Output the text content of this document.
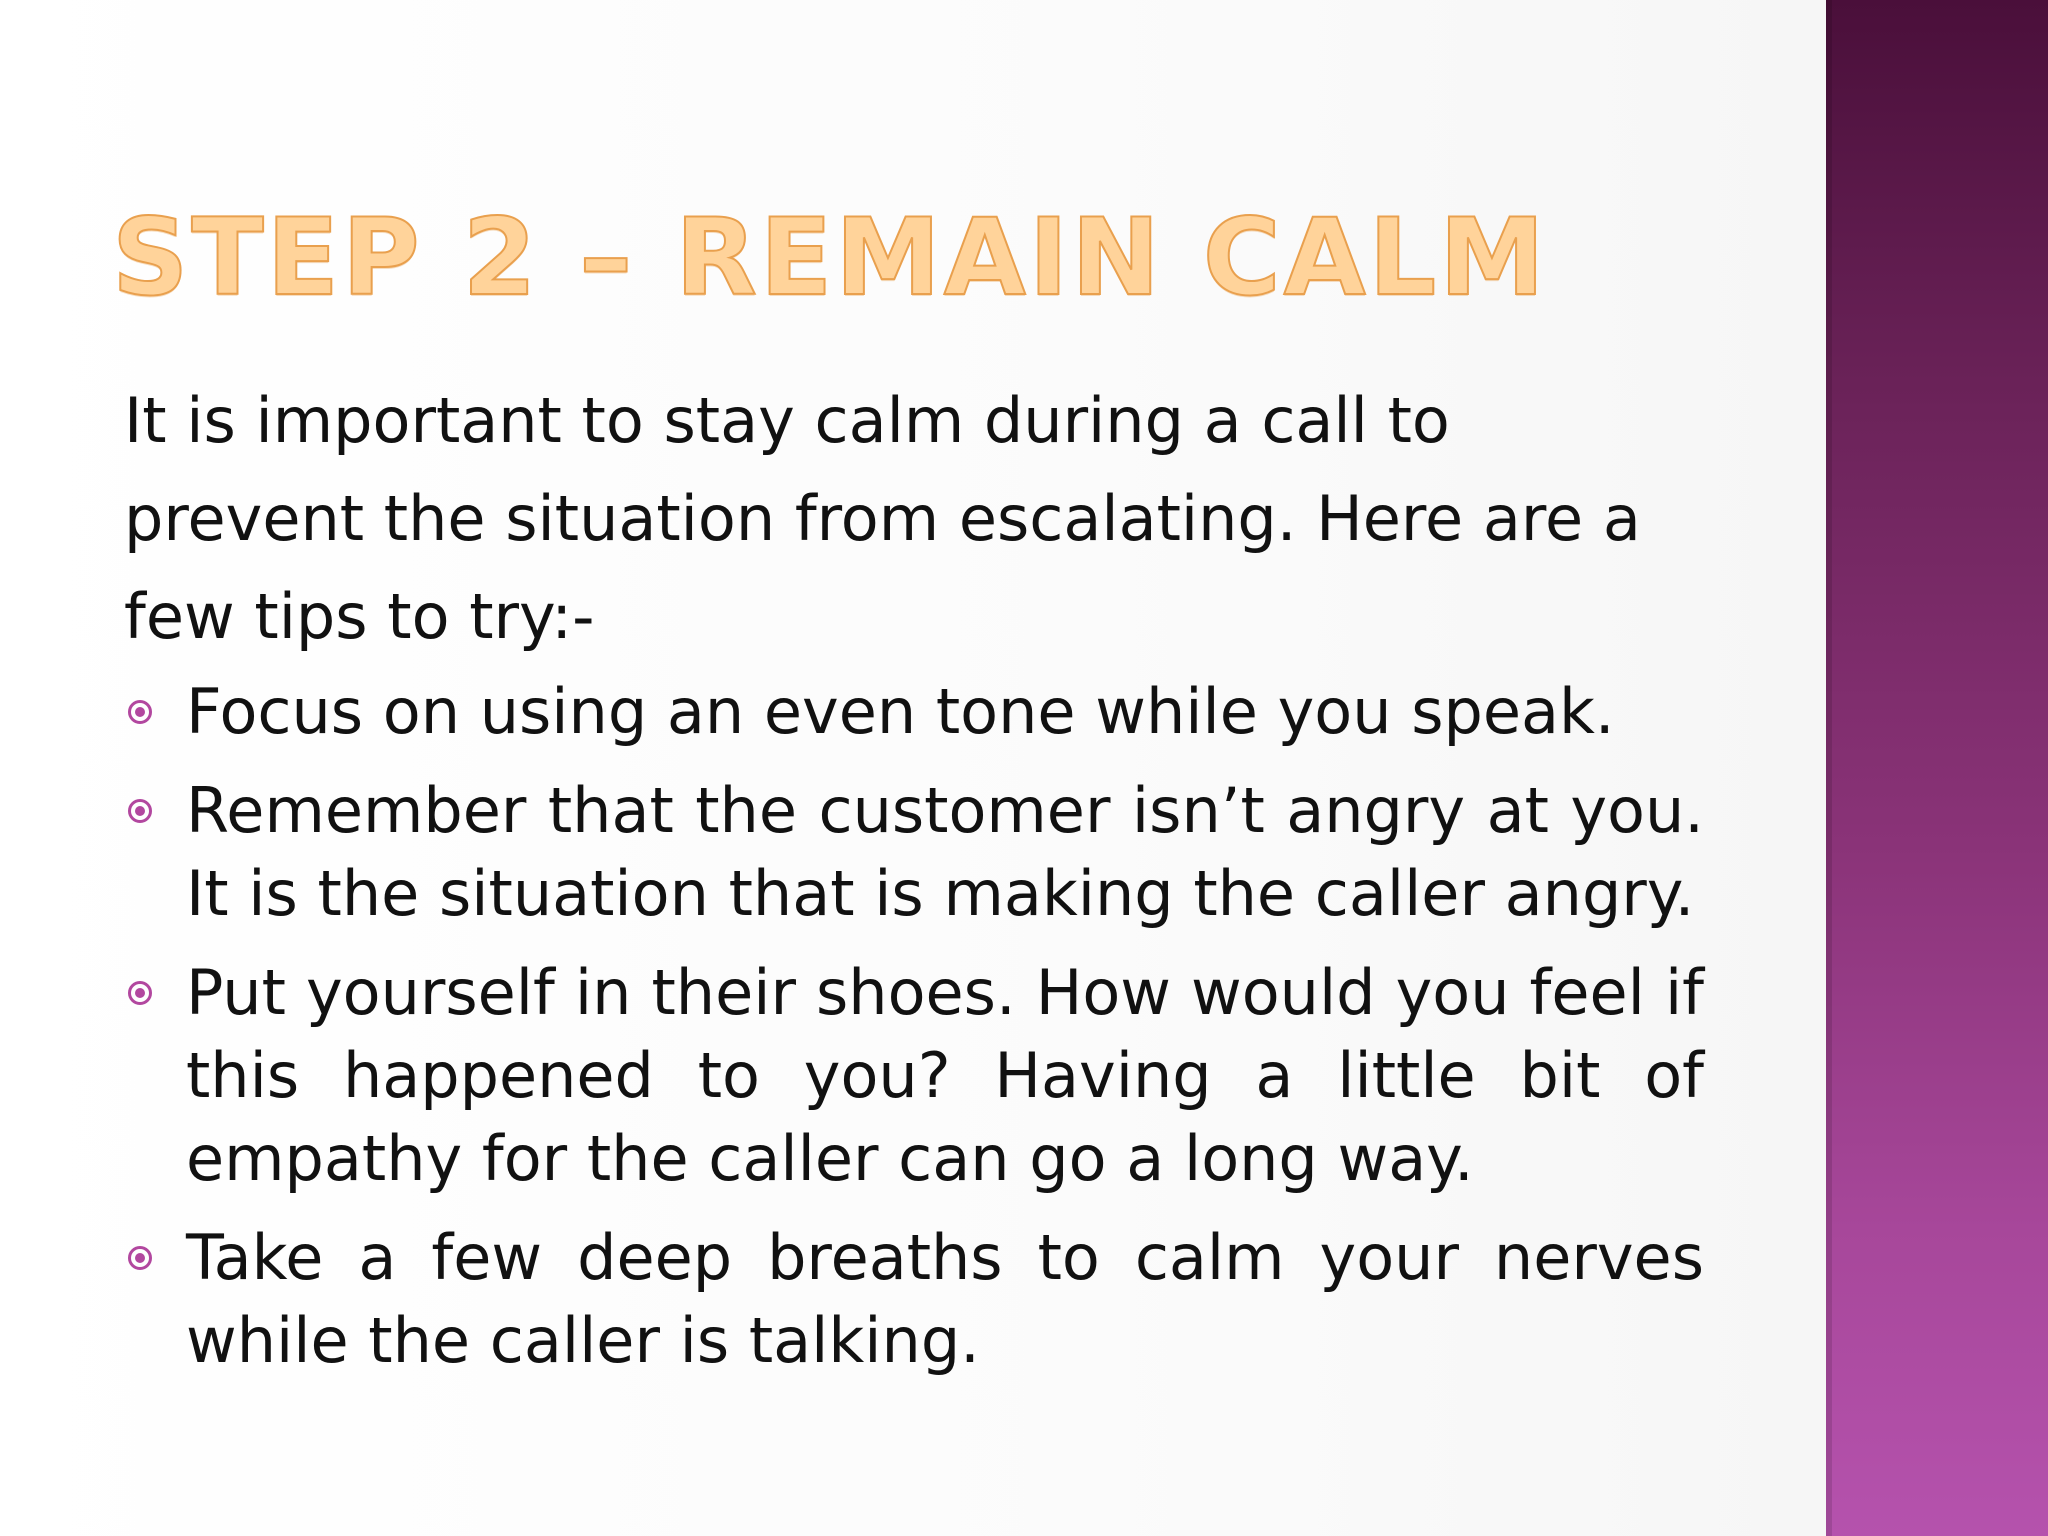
STEP 2 – REMAIN CALM

It is important to stay calm during a call to prevent the situation from escalating. Here are a few tips to try:-

Focus on using an even tone while you speak.
Remember that the customer isn’t angry at you. It is the situation that is making the caller angry.
Put yourself in their shoes. How would you feel if this happened to you? Having a little bit of empathy for the caller can go a long way.
Take a few deep breaths to calm your nerves while the caller is talking.
